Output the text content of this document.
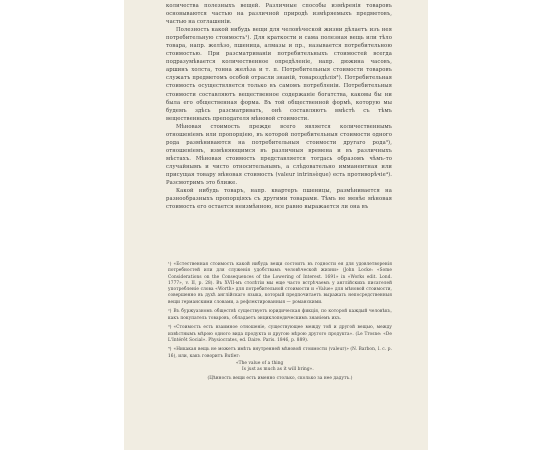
количества полезныхъ вещей. Различные способы измѣренія товаровъ основываются частью на различной природѣ измѣряемыхъ предметовъ, частью на соглашеніи.

Полезность какой нибудь вещи для человѣческой жизни дѣлаетъ изъ нея потребительную стоимость¹). Для краткости и сама полезная вещь или тѣло товара, напр. желѣзо, пшеница, алмазы и пр., называется потребительною стоимостью. При разсматриваніи потребительныхъ стоимостей всегда подразумѣвается количественное опредѣленіе, напр. дюжина часовъ, аршинъ холста, тонна желѣза и т. п. Потребительныя стоимости товаровъ служатъ предметомъ особой отрасли знаній, товароздѣлія²). Потребительная стоимость осуществляется только въ самомъ потребленіи. Потребительныя стоимости составляютъ вещественное содержаніе богатства, каковы бы ни была его общественная форма. Въ той общественной формѣ, которую мы будемъ здѣсь разсматривать, онѣ составляютъ вмѣстѣ съ тѣмъ вещественныхъ преподателя мѣновой стоимости.

Мѣновая стоимость прежде всего является количественнымъ отношеніемъ или пропорціею, въ которой потребительныя стоимости одного рода размѣниваются на потребительныя стоимости другаго рода³), отношеніемъ, измѣняющимся въ различныя времена и въ различныхъ мѣстахъ. Мѣновая стоимость представляется тогдась образомъ чѣмъ-то случайнымъ и чисто относительнымъ, а слѣдовательно имманентная или присущая товару мѣновая стоимость (valeur intrinsèque) есть противорѣчіе⁴). Разсмотримъ это ближе.

Какой нибудь товаръ, напр. квартеръ пшеницы, размѣнивается на разнообразныхъ пропорціяхъ съ другими товарами. Тѣмъ не менѣе мѣновая стоимость его остается неизмѣнною, все равно выражается ли она въ

¹) «Естественная стоимость какой нибудь вещи состоитъ въ годности ея для удовлетворенія потребностей или для служенія удобствамъ человѣческой жизни» (John Locke: «Some Considerations on the Consequences of the Lowering of Interest. 1691» in «Works edit. Lond. 1777», v. II, p. 28). Въ XVII-мъ столѣтіи мы еще часто встрѣчаемъ у англійскихъ писателей употребленіе слова «Worth» для потребительной стоимости и «Value» для мѣновой стоимости, совершенно въ духѣ англійскаго языка, который предпочитаетъ выражать непосредственныя вещи германскими словами, а рефлектированныя — романскими.

²) Въ буржуазномъ обществѣ существуетъ юридическая фикція, по которой каждый человѣкъ, какъ покупатель товаровъ, обладаетъ энциклопедическимъ знаніемъ ихъ.

³) «Стоимость есть взаимное отношеніе, существующее между той и другой вещью, между извѣстнымъ мѣрою одного вида продукта и другою мѣрою другого продукта». (Le Trosne: «De L'Intérêt Social». Physiocrates, ed. Daire. Paris. 1846, p. 889).

⁴) «Никакая вещь не можетъ имѣть внутренней мѣновой стоимости (valeur)» (N. Barbon, l. c. p. 16), или, какъ говоритъ Butler:

«The value of a thing

Is just as much as it will bring».

(Цѣнность вещи есть именно столько, сколько за нее дадутъ.)
